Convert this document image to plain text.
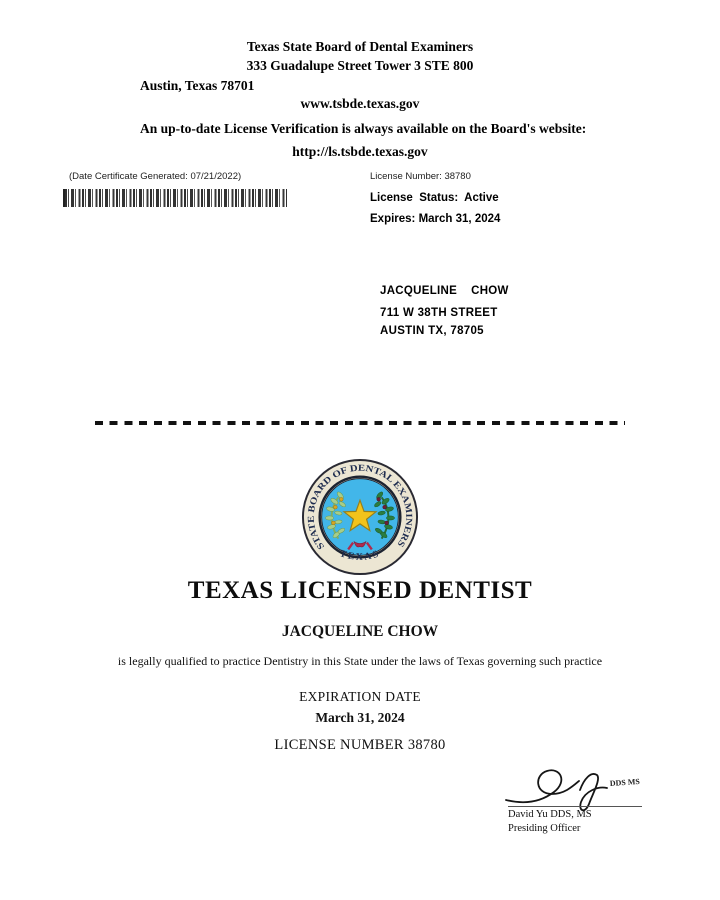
Texas State Board of Dental Examiners
333 Guadalupe Street Tower 3 STE 800
Austin, Texas 78701
www.tsbde.texas.gov
An up-to-date License Verification is always available on the Board's website:
http://ls.tsbde.texas.gov
(Date Certificate Generated: 07/21/2022)	License Number: 38780
License  Status:  Active
Expires: March 31, 2024
JACQUELINE    CHOW
711 W 38TH STREET
AUSTIN TX, 78705
STATE BOARD OF DENTAL EXAMINERS
TEXAS
TEXAS LICENSED DENTIST
JACQUELINE CHOW
is legally qualified to practice Dentistry in this State under the laws of Texas governing such practice
EXPIRATION DATE
March 31, 2024
LICENSE NUMBER 38780
DDS MS
David Yu DDS, MS
Presiding Officer
